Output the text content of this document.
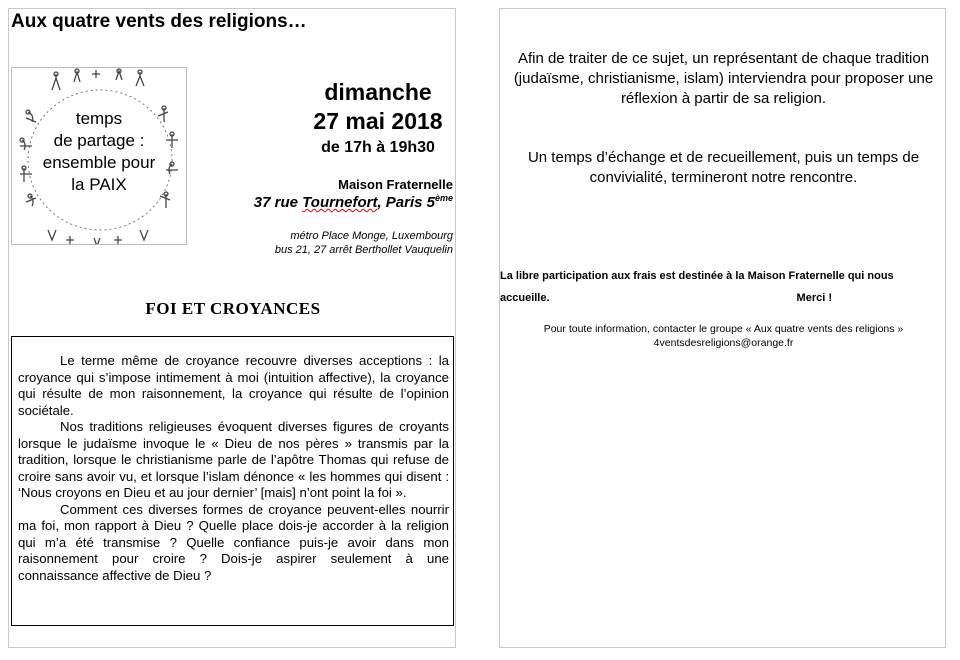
Aux quatre vents des religions…
temps
de partage :
ensemble pour
la PAIX
dimanche
27 mai 2018
de 17h à 19h30
Maison Fraternelle
37 rue Tournefort, Paris 5ème
métro Place Monge, Luxembourg
bus 21, 27 arrêt Berthollet Vauquelin
FOI ET CROYANCES

Le terme même de croyance recouvre diverses acceptions : la croyance qui s’impose intimement à moi (intuition affective), la croyance qui résulte de mon raisonnement, la croyance qui résulte de l’opinion sociétale.

Nos traditions religieuses évoquent diverses figures de croyants lorsque le judaïsme invoque le « Dieu de nos pères » transmis par la tradition, lorsque le christianisme parle de l’apôtre Thomas qui refuse de croire sans avoir vu, et lorsque l’islam dénonce « les hommes qui disent : ‘Nous croyons en Dieu et au jour dernier’ [mais] n’ont point la foi ».

Comment ces diverses formes de croyance peuvent-elles nourrir ma foi, mon rapport à Dieu ? Quelle place dois-je accorder à la religion qui m’a été transmise ? Quelle confiance puis-je avoir dans mon raisonnement pour croire ? Dois-je aspirer seulement à une connaissance affective de Dieu ?

Afin de traiter de ce sujet, un représentant de chaque tradition (judaïsme, christianisme, islam) interviendra pour proposer une réflexion à partir de sa religion.
Un temps d’échange et de recueillement, puis un temps de convivialité, termineront notre rencontre.
La libre participation aux frais est destinée à la Maison Fraternelle qui nous
accueille.	Merci !
Pour toute information, contacter le groupe « Aux quatre vents des religions »
4ventsdesreligions@orange.fr
